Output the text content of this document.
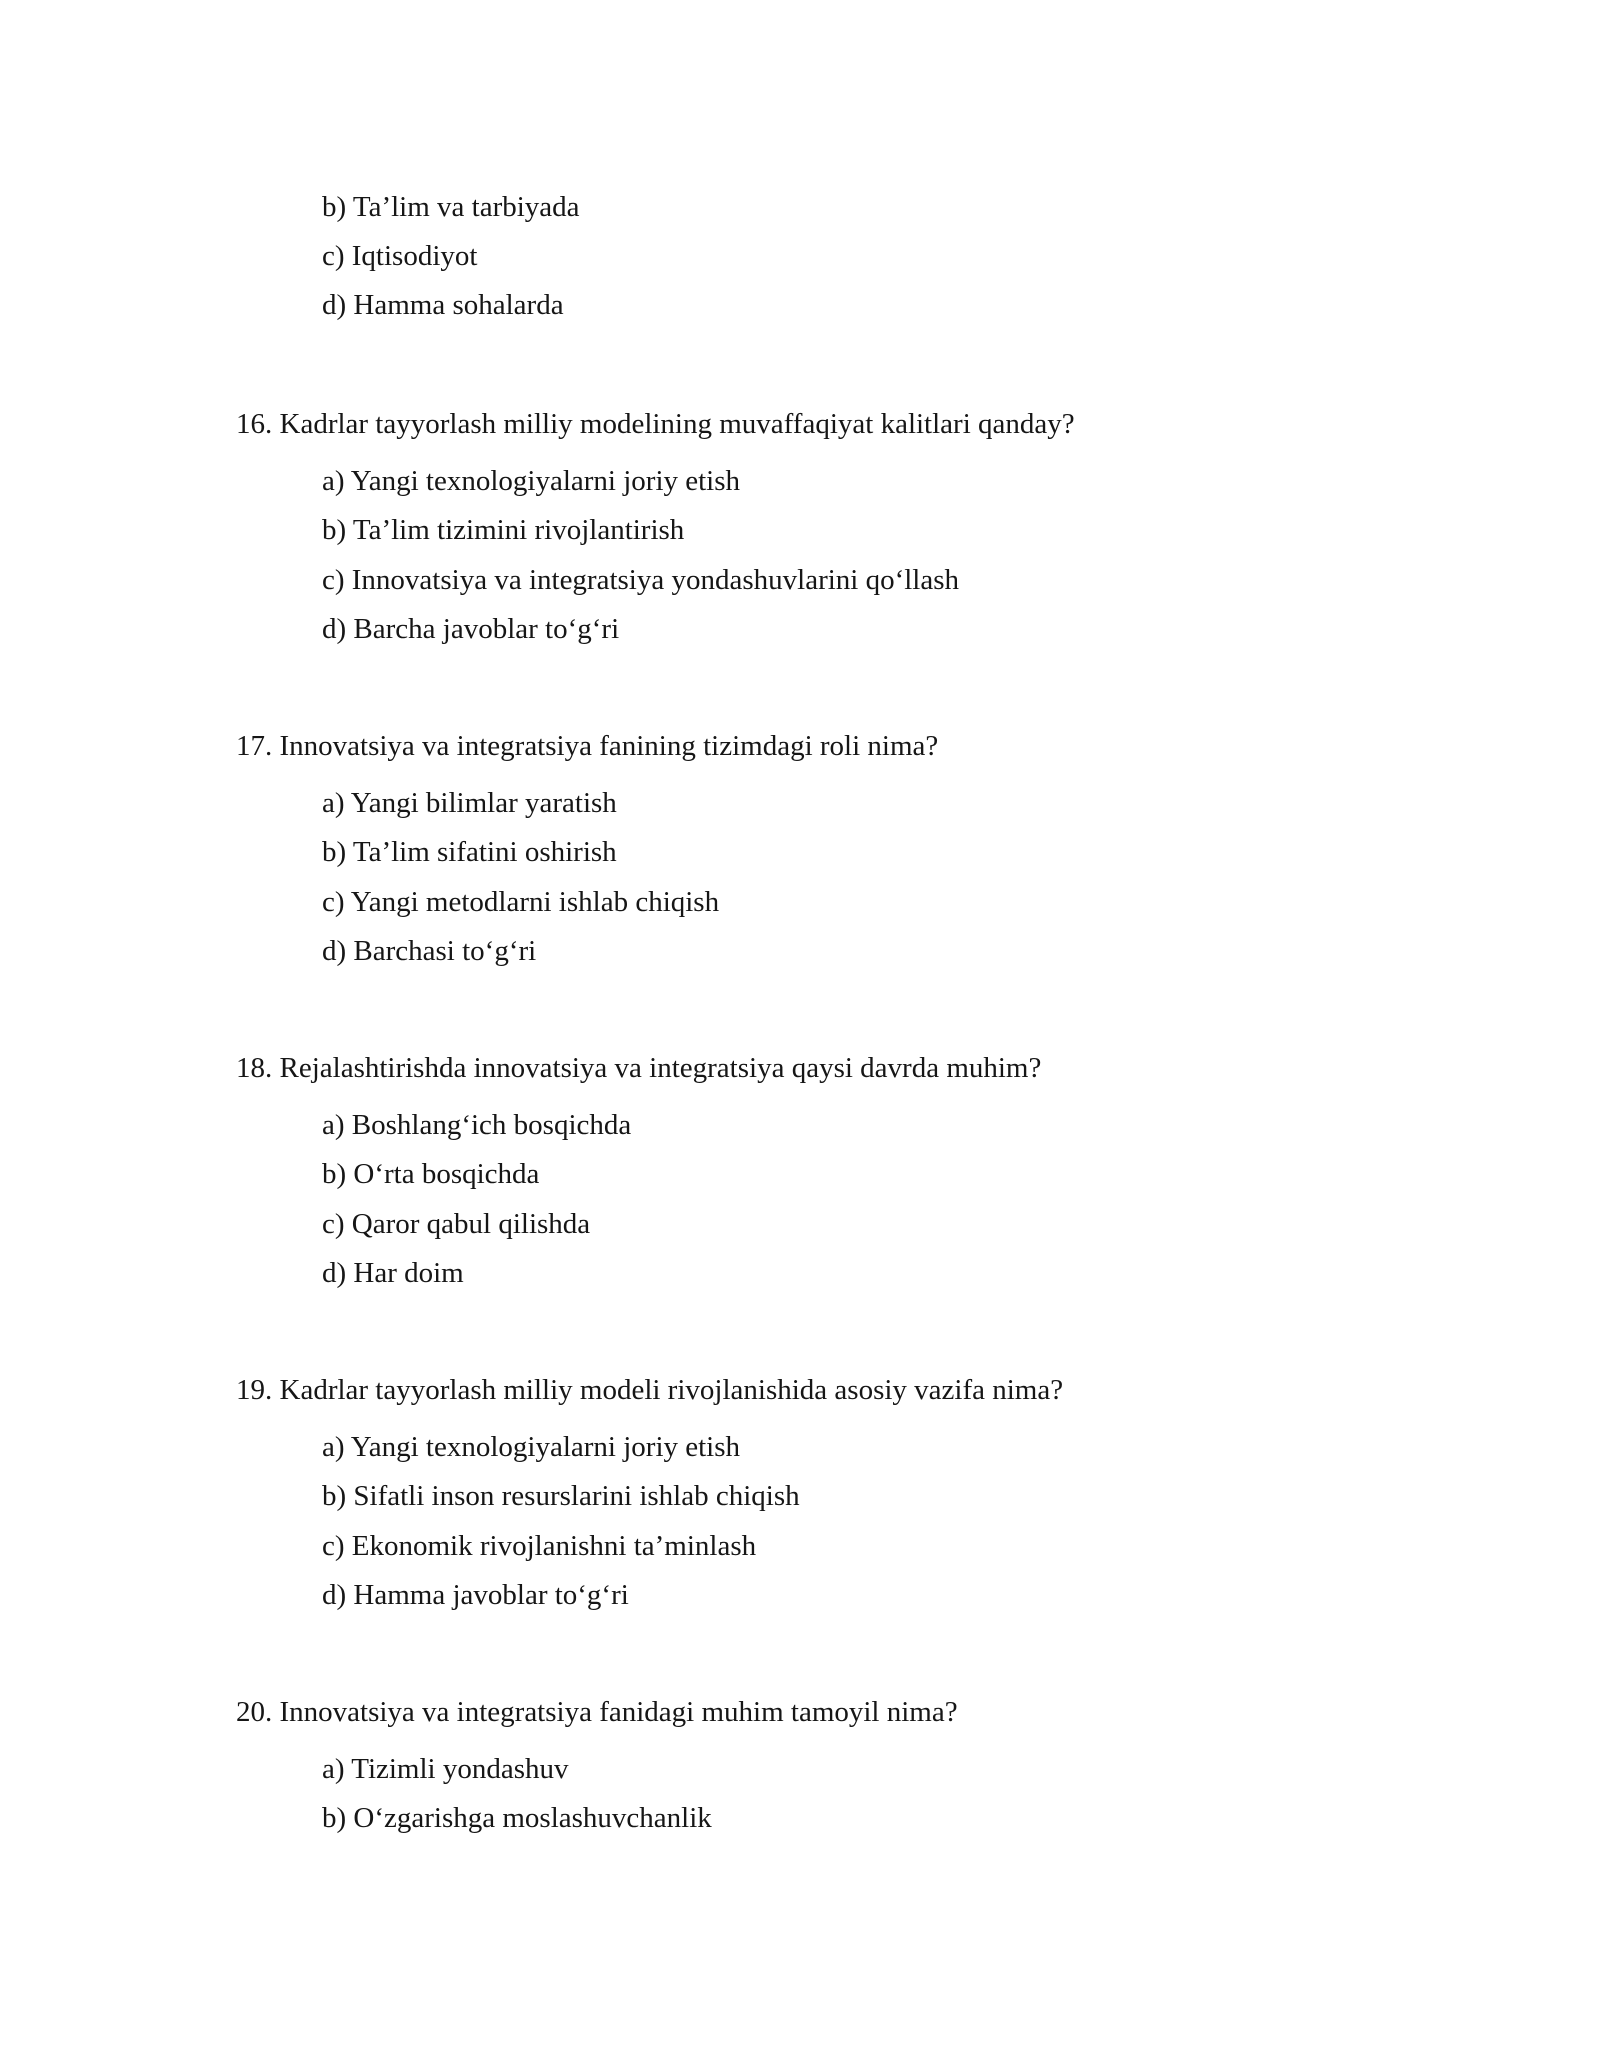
b) Ta’lim va tarbiyada
c) Iqtisodiyot
d) Hamma sohalarda
16. Kadrlar tayyorlash milliy modelining muvaffaqiyat kalitlari qanday?
a) Yangi texnologiyalarni joriy etish
b) Ta’lim tizimini rivojlantirish
c) Innovatsiya va integratsiya yondashuvlarini qo‘llash
d) Barcha javoblar to‘g‘ri
17. Innovatsiya va integratsiya fanining tizimdagi roli nima?
a) Yangi bilimlar yaratish
b) Ta’lim sifatini oshirish
c) Yangi metodlarni ishlab chiqish
d) Barchasi to‘g‘ri
18. Rejalashtirishda innovatsiya va integratsiya qaysi davrda muhim?
a) Boshlang‘ich bosqichda
b) O‘rta bosqichda
c) Qaror qabul qilishda
d) Har doim
19. Kadrlar tayyorlash milliy modeli rivojlanishida asosiy vazifa nima?
a) Yangi texnologiyalarni joriy etish
b) Sifatli inson resurslarini ishlab chiqish
c) Ekonomik rivojlanishni ta’minlash
d) Hamma javoblar to‘g‘ri
20. Innovatsiya va integratsiya fanidagi muhim tamoyil nima?
a) Tizimli yondashuv
b) O‘zgarishga moslashuvchanlik
